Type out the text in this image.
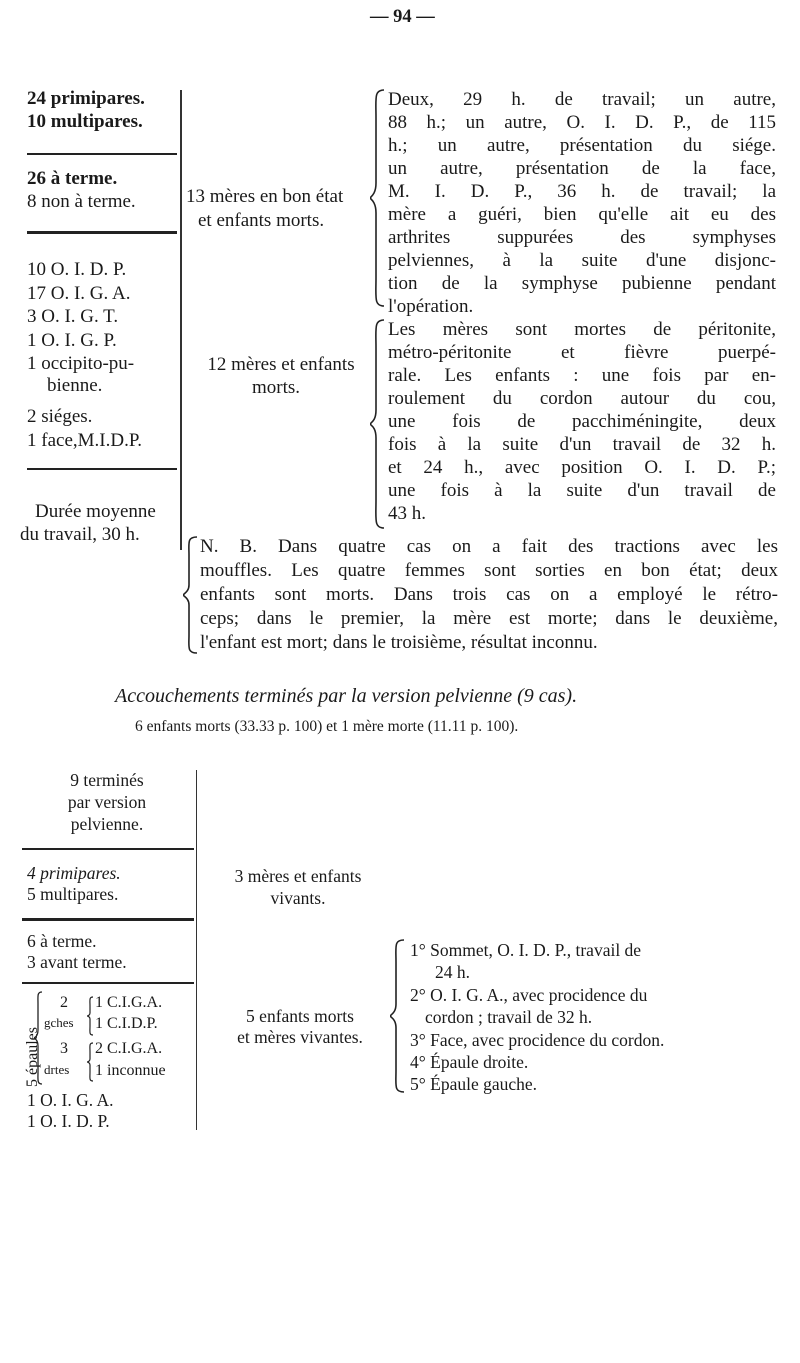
— 94 —
24 primipares.
10 multipares.
26 à terme.
8 non à terme.
10 O. I. D. P.
17 O. I. G. A.
3 O. I. G. T.
1 O. I. G. P.
1 occipito-pu-
bienne.
2 siéges.
1 face,M.I.D.P.
Durée moyenne
du travail, 30 h.
13 mères en bon état
et enfants morts.
Deux, 29 h. de travail; un autre,
88 h.; un autre, O. I. D. P., de 115
h.; un autre, présentation du siége.
un autre, présentation de la face,
M. I. D. P., 36 h. de travail; la
mère a guéri, bien qu'elle ait eu des
arthrites suppurées des symphyses
pelviennes, à la suite d'une disjonc-
tion de la symphyse pubienne pendant
l'opération.
12 mères et enfants
morts.
Les mères sont mortes de péritonite,
métro-péritonite et fièvre puerpé-
rale. Les enfants : une fois par en-
roulement du cordon autour du cou,
une fois de pacchiméningite, deux
fois à la suite d'un travail de 32 h.
et 24 h., avec position O. I. D. P.;
une fois à la suite d'un travail de
43 h.
N. B. Dans quatre cas on a fait des tractions avec les
mouffles. Les quatre femmes sont sorties en bon état; deux
enfants sont morts. Dans trois cas on a employé le rétro-
ceps; dans le premier, la mère est morte; dans le deuxième,
l'enfant est mort; dans le troisième, résultat inconnu.
Accouchements terminés par la version pelvienne (9 cas).
6 enfants morts (33.33 p. 100) et 1 mère morte (11.11 p. 100).
9 terminés
par version
pelvienne.
4 primipares.
5 multipares.
6 à terme.
3 avant terme.
5 épaules
2
gches
1 C.I.G.A.
1 C.I.D.P.
3
drtes
2 C.I.G.A.
1 inconnue
1 O. I. G. A.
1 O. I. D. P.
3 mères et enfants
vivants.
5 enfants morts
et mères vivantes.
1° Sommet, O. I. D. P., travail de
24 h.
2° O. I. G. A., avec procidence du
cordon ; travail de 32 h.
3° Face, avec procidence du cordon.
4° Épaule droite.
5° Épaule gauche.
